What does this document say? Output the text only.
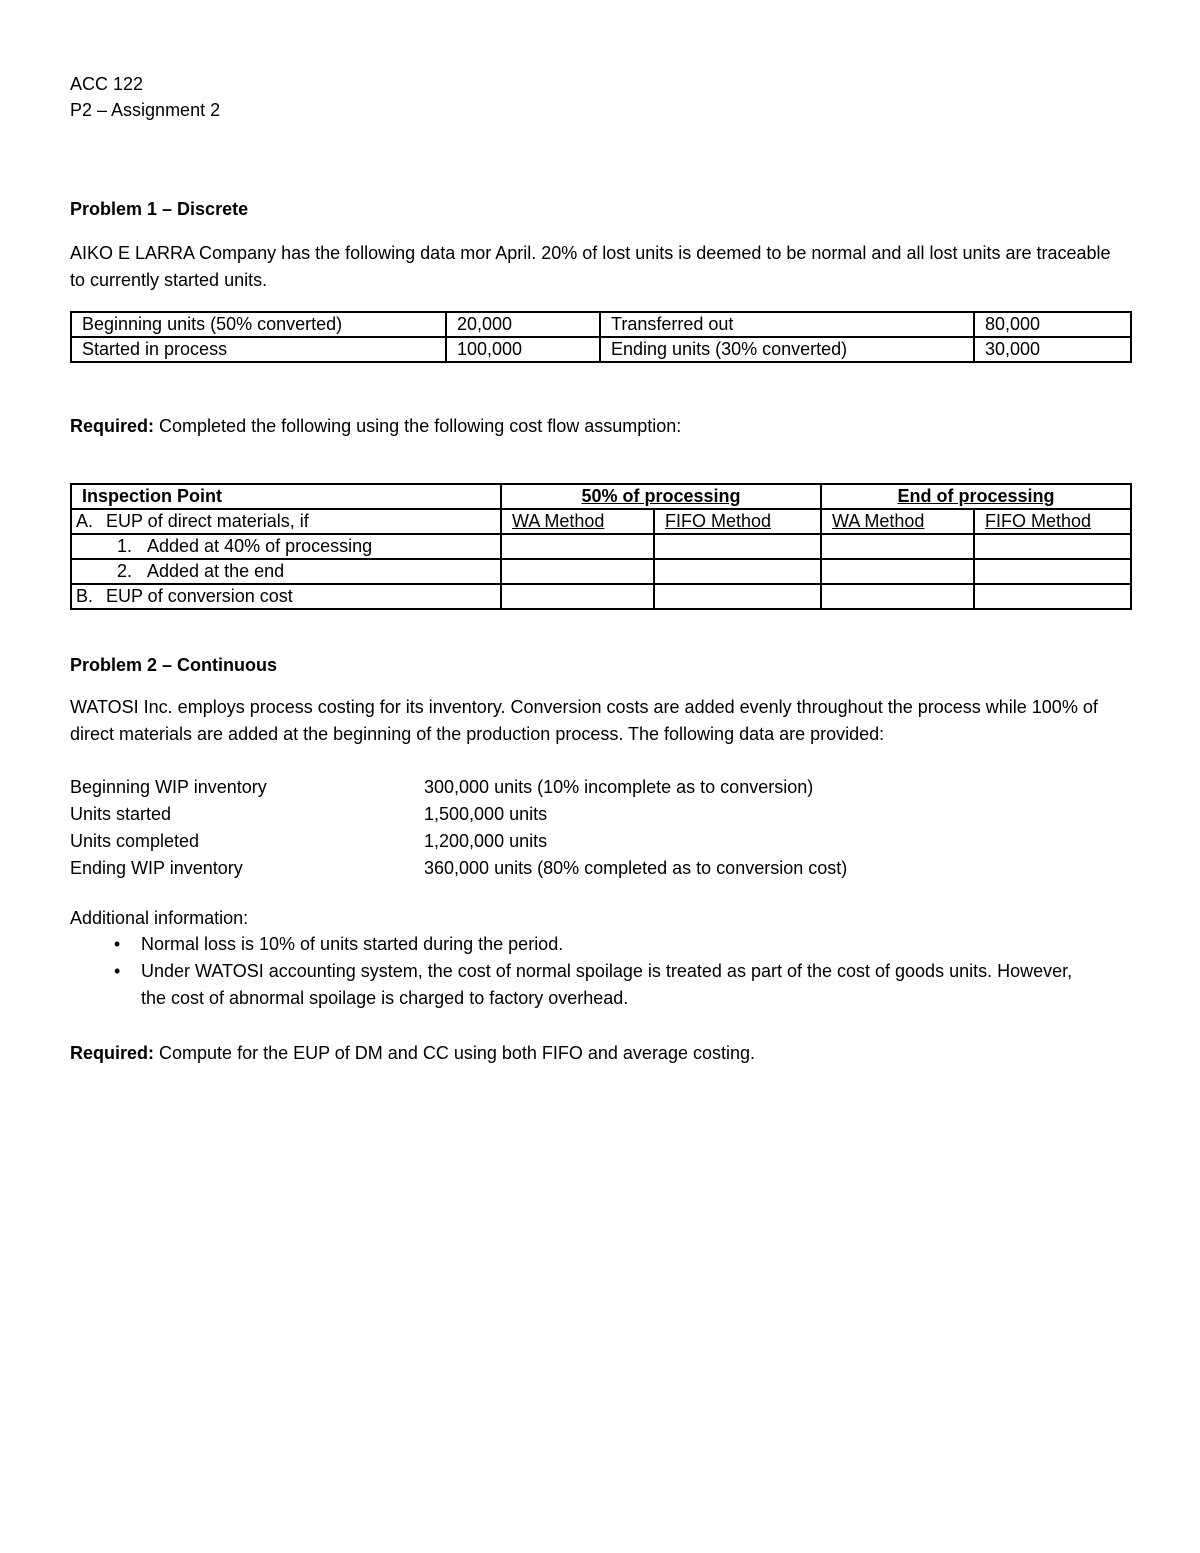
ACC 122
P2 – Assignment 2
Problem 1 – Discrete
AIKO E LARRA Company has the following data mor April. 20% of lost units is deemed to be normal and all lost units are traceable to currently started units.
Beginning units (50% converted)	20,000	Transferred out	80,000
Started in process	100,000	Ending units (30% converted)	30,000
Required: Completed the following using the following cost flow assumption:
Inspection Point	50% of processing		End of processing	
A. EUP of direct materials, if	WA Method	FIFO Method	WA Method	FIFO Method
1. Added at 40% of processing				
2. Added at the end				
B. EUP of conversion cost				
Problem 2 – Continuous
WATOSI Inc. employs process costing for its inventory. Conversion costs are added evenly throughout the process while 100% of direct materials are added at the beginning of the production process. The following data are provided:
Beginning WIP inventory	300,000 units (10% incomplete as to conversion)
Units started	1,500,000 units
Units completed	1,200,000 units
Ending WIP inventory	360,000 units (80% completed as to conversion cost)
Additional information:
• Normal loss is 10% of units started during the period.
• Under WATOSI accounting system, the cost of normal spoilage is treated as part of the cost of goods units. However, the cost of abnormal spoilage is charged to factory overhead.
Required: Compute for the EUP of DM and CC using both FIFO and average costing.
